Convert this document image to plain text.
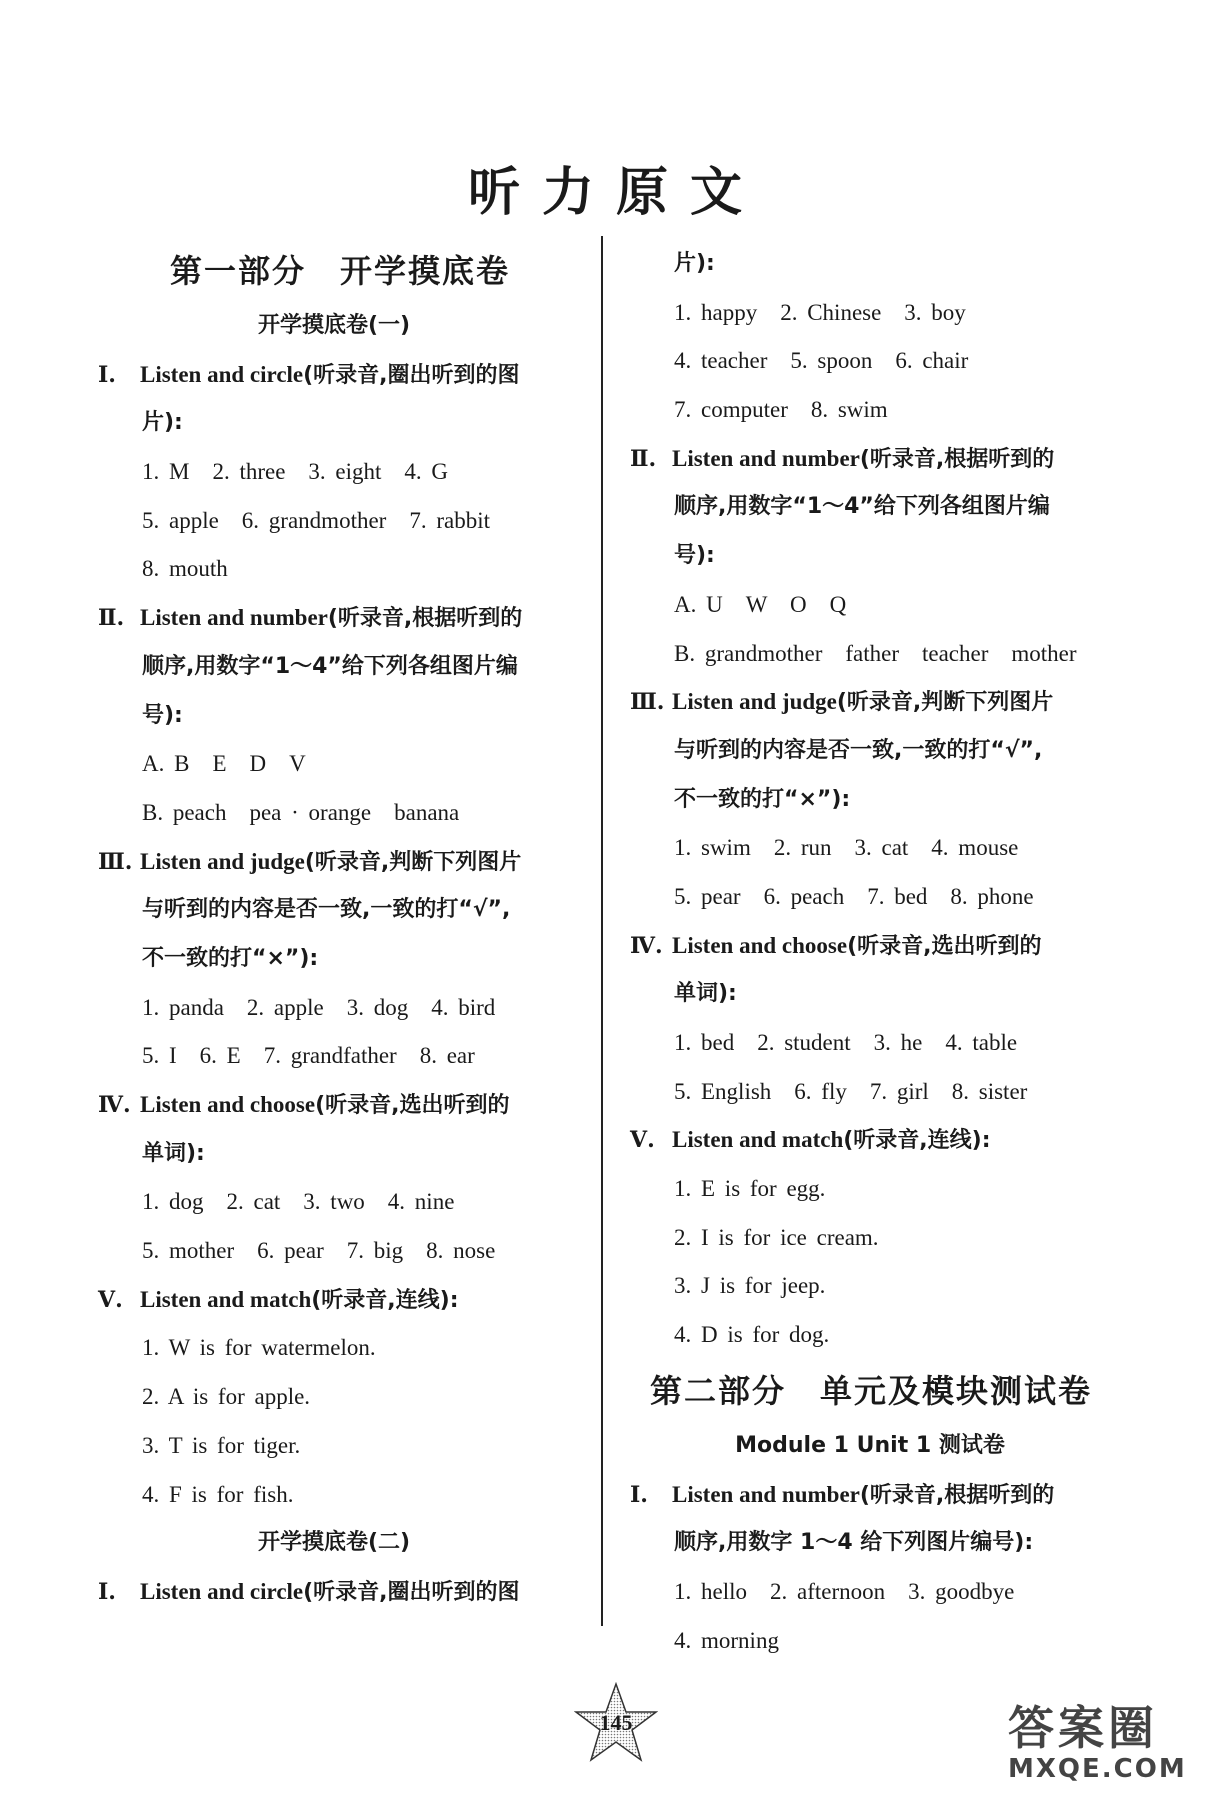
听力原文
第一部分　开学摸底卷
开学摸底卷(一)
Ⅰ. Listen and circle(听录音,圈出听到的图
片):
1. M　2. three　3. eight　4. G
5. apple　6. grandmother　7. rabbit
8. mouth
Ⅱ. Listen and number(听录音,根据听到的
顺序,用数字“1～4”给下列各组图片编
号):
A. B　E　D　V
B. peach　pea · orange　banana
Ⅲ. Listen and judge(听录音,判断下列图片
与听到的内容是否一致,一致的打“√”,
不一致的打“×”):
1. panda　2. apple　3. dog　4. bird
5. I　6. E　7. grandfather　8. ear
Ⅳ. Listen and choose(听录音,选出听到的
单词):
1. dog　2. cat　3. two　4. nine
5. mother　6. pear　7. big　8. nose
Ⅴ. Listen and match(听录音,连线):
1. W is for watermelon.
2. A is for apple.
3. T is for tiger.
4. F is for fish.
开学摸底卷(二)
Ⅰ. Listen and circle(听录音,圈出听到的图
片):
1. happy　2. Chinese　3. boy
4. teacher　5. spoon　6. chair
7. computer　8. swim
Ⅱ. Listen and number(听录音,根据听到的
顺序,用数字“1～4”给下列各组图片编
号):
A. U　W　O　Q
B. grandmother　father　teacher　mother
Ⅲ. Listen and judge(听录音,判断下列图片
与听到的内容是否一致,一致的打“√”,
不一致的打“×”):
1. swim　2. run　3. cat　4. mouse
5. pear　6. peach　7. bed　8. phone
Ⅳ. Listen and choose(听录音,选出听到的
单词):
1. bed　2. student　3. he　4. table
5. English　6. fly　7. girl　8. sister
Ⅴ. Listen and match(听录音,连线):
1. E is for egg.
2. I is for ice cream.
3. J is for jeep.
4. D is for dog.
第二部分　单元及模块测试卷
Module 1 Unit 1 测试卷
Ⅰ. Listen and number(听录音,根据听到的
顺序,用数字 1～4 给下列图片编号):
1. hello　2. afternoon　3. goodbye
4. morning
145	答案圈
MXQE.COM
